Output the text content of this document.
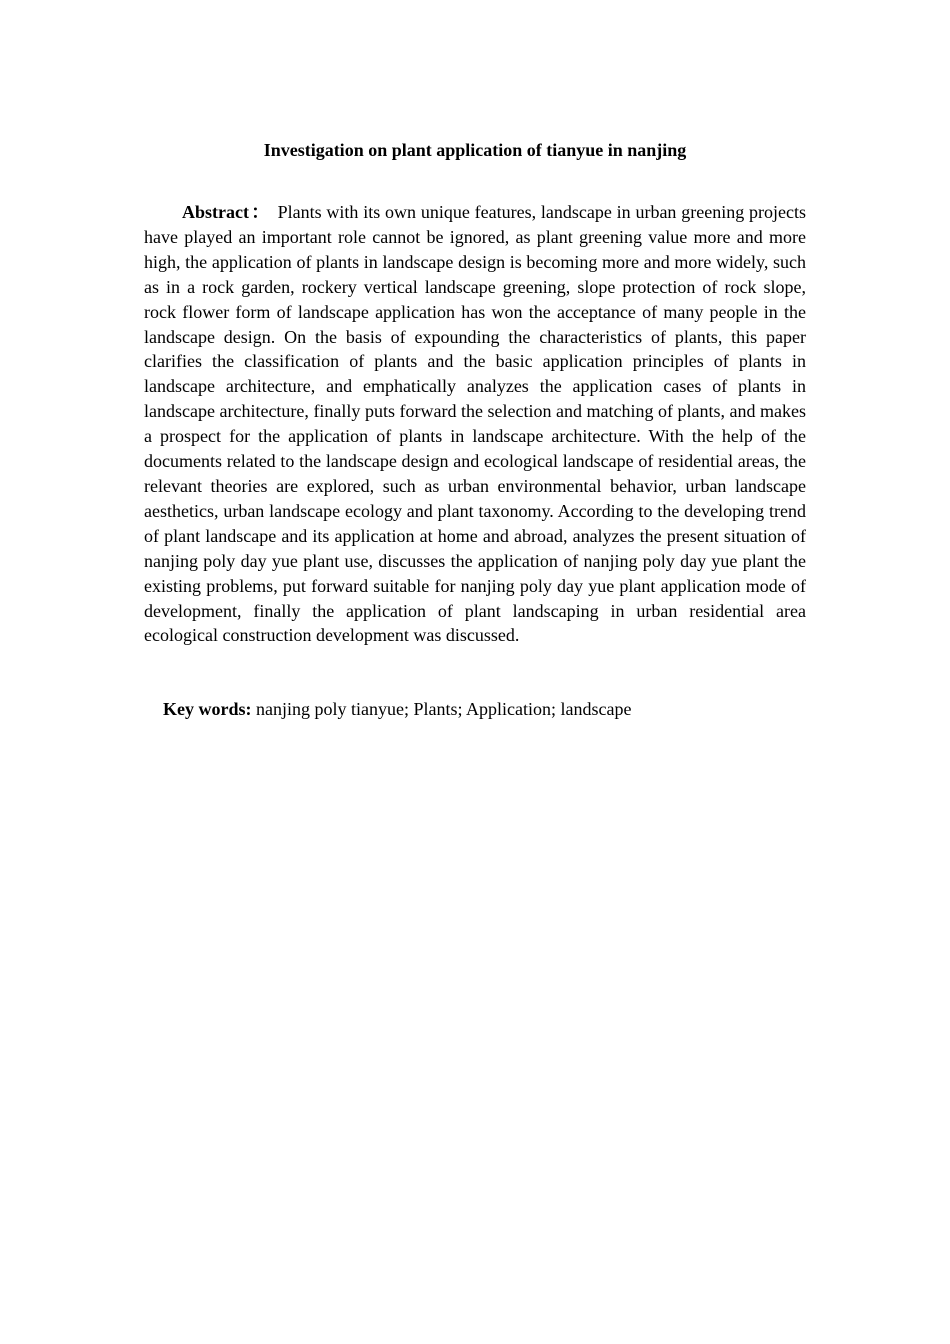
Investigation on plant application of tianyue in nanjing

Abstract ： Plants with its own unique features, landscape in urban greening projects have played an important role cannot be ignored, as plant greening value more and more high, the application of plants in landscape design is becoming more and more widely, such as in a rock garden, rockery vertical landscape greening, slope protection of rock slope, rock flower form of landscape application has won the acceptance of many people in the landscape design. On the basis of expounding the characteristics of plants, this paper clarifies the classification of plants and the basic application principles of plants in landscape architecture, and emphatically analyzes the application cases of plants in landscape architecture, finally puts forward the selection and matching of plants, and makes a prospect for the application of plants in landscape architecture. With the help of the documents related to the landscape design and ecological landscape of residential areas, the relevant theories are explored, such as urban environmental behavior, urban landscape aesthetics, urban landscape ecology and plant taxonomy. According to the developing trend of plant landscape and its application at home and abroad, analyzes the present situation of nanjing poly day yue plant use, discusses the application of nanjing poly day yue plant the existing problems, put forward suitable for nanjing poly day yue plant application mode of development, finally the application of plant landscaping in urban residential area ecological construction development was discussed.

Key words: nanjing poly tianyue; Plants; Application; landscape
